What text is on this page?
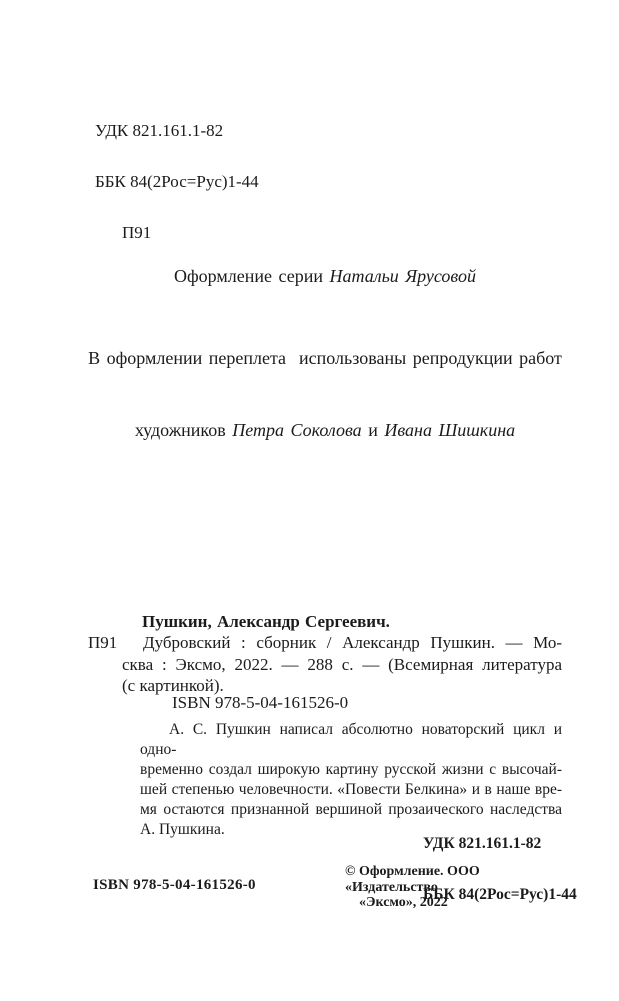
УДК 821.161.1-82

ББК 84(2Рос=Рус)1-44

П91

Оформление серии Натальи Ярусовой

В оформлении переплета  использованы репродукции работ

художников Петра Соколова и Ивана Шишкина

Пушкин, Александр Сергеевич.
П91	Дубровский : сборник / Александр Пушкин. — Мо-
сква : Эксмо, 2022. — 288 с. — (Всемирная литература
(с картинкой).
ISBN 978-5-04-161526-0
А. С. Пушкин написал абсолютно новаторский цикл и одно-
временно создал широкую картину русской жизни с высочай-
шей степенью человечности. «Повести Белкина» и в наше вре-
мя остаются признанной вершиной прозаического наследства
А. Пушкина.

УДК 821.161.1-82

ББК 84(2Рос=Рус)1-44

ISBN 978-5-04-161526-0
© Оформление. ООО «Издательство
«Эксмо», 2022
